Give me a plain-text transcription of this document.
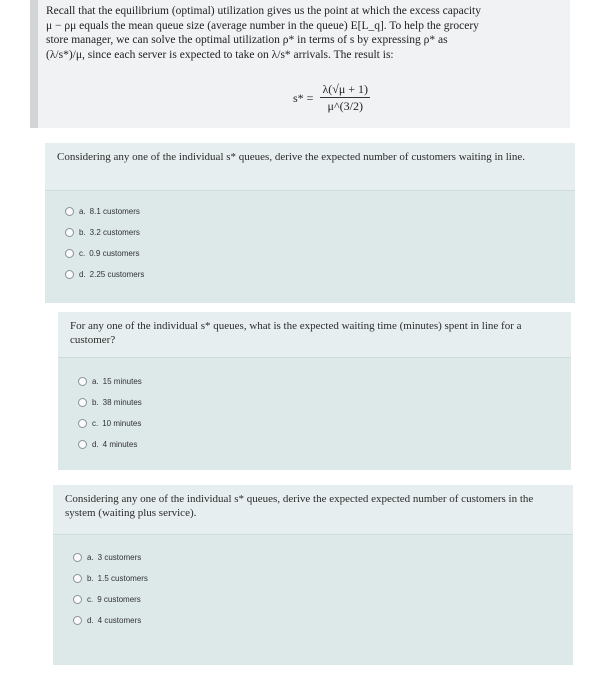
Recall that the equilibrium (optimal) utilization gives us the point at which the excess capacity

μ − ρμ equals the mean queue size (average number in the queue) E[L_q]. To help the grocery

store manager, we can solve the optimal utilization ρ* in terms of s by expressing ρ* as

(λ/s*)/μ, since each server is expected to take on λ/s* arrivals. The result is:

$s* = \frac{\lambda(√\mu + 1)}{\mu\^{}(3/2)}$
Considering any one of the individual s* queues, derive the expected number of customers waiting in line.
a. 8.1 customers
b. 3.2 customers
c. 0.9 customers
d. 2.25 customers
For any one of the individual s* queues, what is the expected waiting time (minutes) spent in line for a customer?
a. 15 minutes
b. 38 minutes
c. 10 minutes
d. 4 minutes
Considering any one of the individual s* queues, derive the expected expected number of customers in the system (waiting plus service).
a. 3 customers
b. 1.5 customers
c. 9 customers
d. 4 customers
